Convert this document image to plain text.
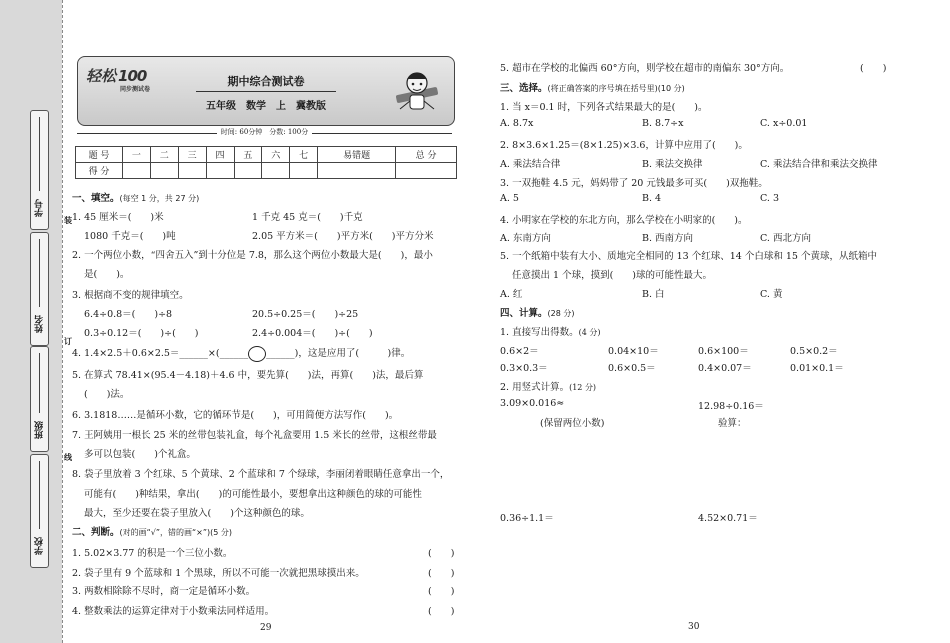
学号
姓名
班级
学校
装
订
线
轻松 100
同步测试卷
期中综合测试卷
五年级 数学 上 冀教版
时间: 60分钟　分数: 100分
题 号	一	二	三	四	五	六	七	易错题	总 分
得 分									
一、填空。(每空 1 分，共 27 分)
1. 45 厘米＝(　　)米	1 千克 45 克＝(　　)千克
1080 千克＝(　　)吨	2.05 平方米＝(　　)平方米(　　)平方分米
2. 一个两位小数，“四舍五入”到十分位是 7.8，那么这个两位小数最大是(　　)，最小
是(　　)。
3. 根据商不变的规律填空。
6.4÷0.8＝(　　)÷8	20.5÷0.25＝(　　)÷25
0.3÷0.12＝(　　)÷(　　)	2.4÷0.004＝(　　)÷(　　)
4. 1.4×2.5＋0.6×2.5＝______×(______ ______)，这是应用了(　　　)律。
5. 在算式 78.41×(95.4－4.18)＋4.6 中，要先算(　　)法，再算(　　)法，最后算
(　　)法。
6. 3.1818……是循环小数，它的循环节是(　　)，可用简便方法写作(　　)。
7. 王阿姨用一根长 25 米的丝带包装礼盒，每个礼盒要用 1.5 米长的丝带，这根丝带最
多可以包装(　　)个礼盒。
8. 袋子里放着 3 个红球、5 个黄球、2 个蓝球和 7 个绿球，李丽闭着眼睛任意拿出一个，
可能有(　　)种结果，拿出(　　)的可能性最小，要想拿出这种颜色的球的可能性
最大，至少还要在袋子里放入(　　)个这种颜色的球。
二、判断。(对的画“√”，错的画“×”)(5 分)
1. 5.02×3.77 的积是一个三位小数。	(　　)
2. 袋子里有 9 个蓝球和 1 个黑球，所以不可能一次就把黑球摸出来。	(　　)
3. 两数相除除不尽时，商一定是循环小数。	(　　)
4. 整数乘法的运算定律对于小数乘法同样适用。	(　　)
29
5. 超市在学校的北偏西 60°方向，则学校在超市的南偏东 30°方向。	(　　)
三、选择。(将正确答案的序号填在括号里)(10 分)
1. 当 x＝0.1 时，下列各式结果最大的是(　　)。
A. 8.7x	B. 8.7÷x	C. x÷0.01
2. 8×3.6×1.25＝(8×1.25)×3.6，计算中应用了(　　)。
A. 乘法结合律	B. 乘法交换律	C. 乘法结合律和乘法交换律
3. 一双拖鞋 4.5 元，妈妈带了 20 元钱最多可买(　　)双拖鞋。
A. 5	B. 4	C. 3
4. 小明家在学校的东北方向，那么学校在小明家的(　　)。
A. 东南方向	B. 西南方向	C. 西北方向
5. 一个纸箱中装有大小、质地完全相同的 13 个红球、14 个白球和 15 个黄球，从纸箱中
任意摸出 1 个球，摸到(　　)球的可能性最大。
A. 红	B. 白	C. 黄
四、计算。(28 分)
1. 直接写出得数。(4 分)
0.6×2＝	0.04×10＝	0.6×100＝	0.5×0.2＝
0.3×0.3＝	0.6×0.5＝	0.4×0.07＝	0.01×0.1＝
2. 用竖式计算。(12 分)
3.09×0.016≈	12.98÷0.16＝
(保留两位小数)	验算：
0.36÷1.1＝	4.52×0.71＝
30
